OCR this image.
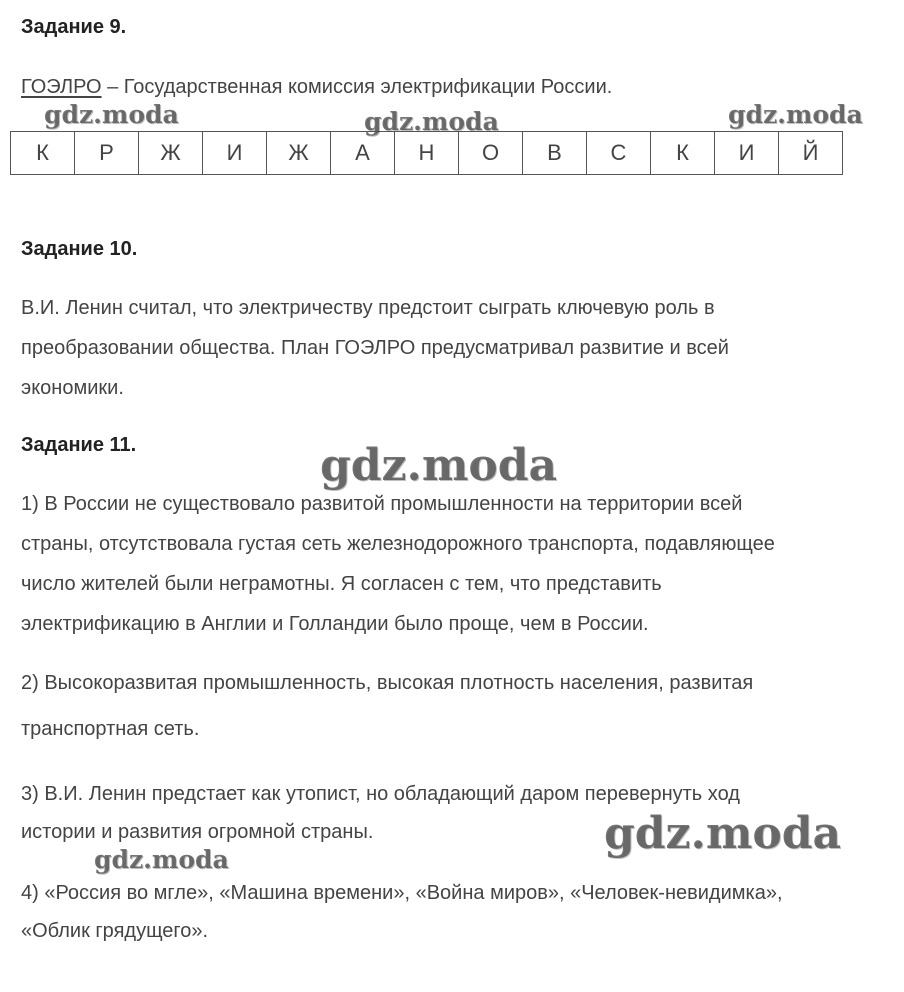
Задание 9.

ГОЭЛРО – Государственная комиссия электрификации России.

К	Р	Ж	И	Ж	А	Н	О	В	С	К	И	Й
Задание 10.

В.И. Ленин считал, что электричеству предстоит сыграть ключевую роль в

преобразовании общества. План ГОЭЛРО предусматривал развитие и всей

экономики.

Задание 11.

1) В России не существовало развитой промышленности на территории всей

страны, отсутствовала густая сеть железнодорожного транспорта, подавляющее

число жителей были неграмотны. Я согласен с тем, что представить

электрификацию в Англии и Голландии было проще, чем в России.

2) Высокоразвитая промышленность, высокая плотность населения, развитая

транспортная сеть.

3) В.И. Ленин предстает как утопист, но обладающий даром перевернуть ход

истории и развития огромной страны.

4) «Россия во мгле», «Машина времени», «Война миров», «Человек-невидимка»,

«Облик грядущего».

gdz.moda	gdz.moda	gdz.moda
gdz.moda
gdz.moda
gdz.moda
